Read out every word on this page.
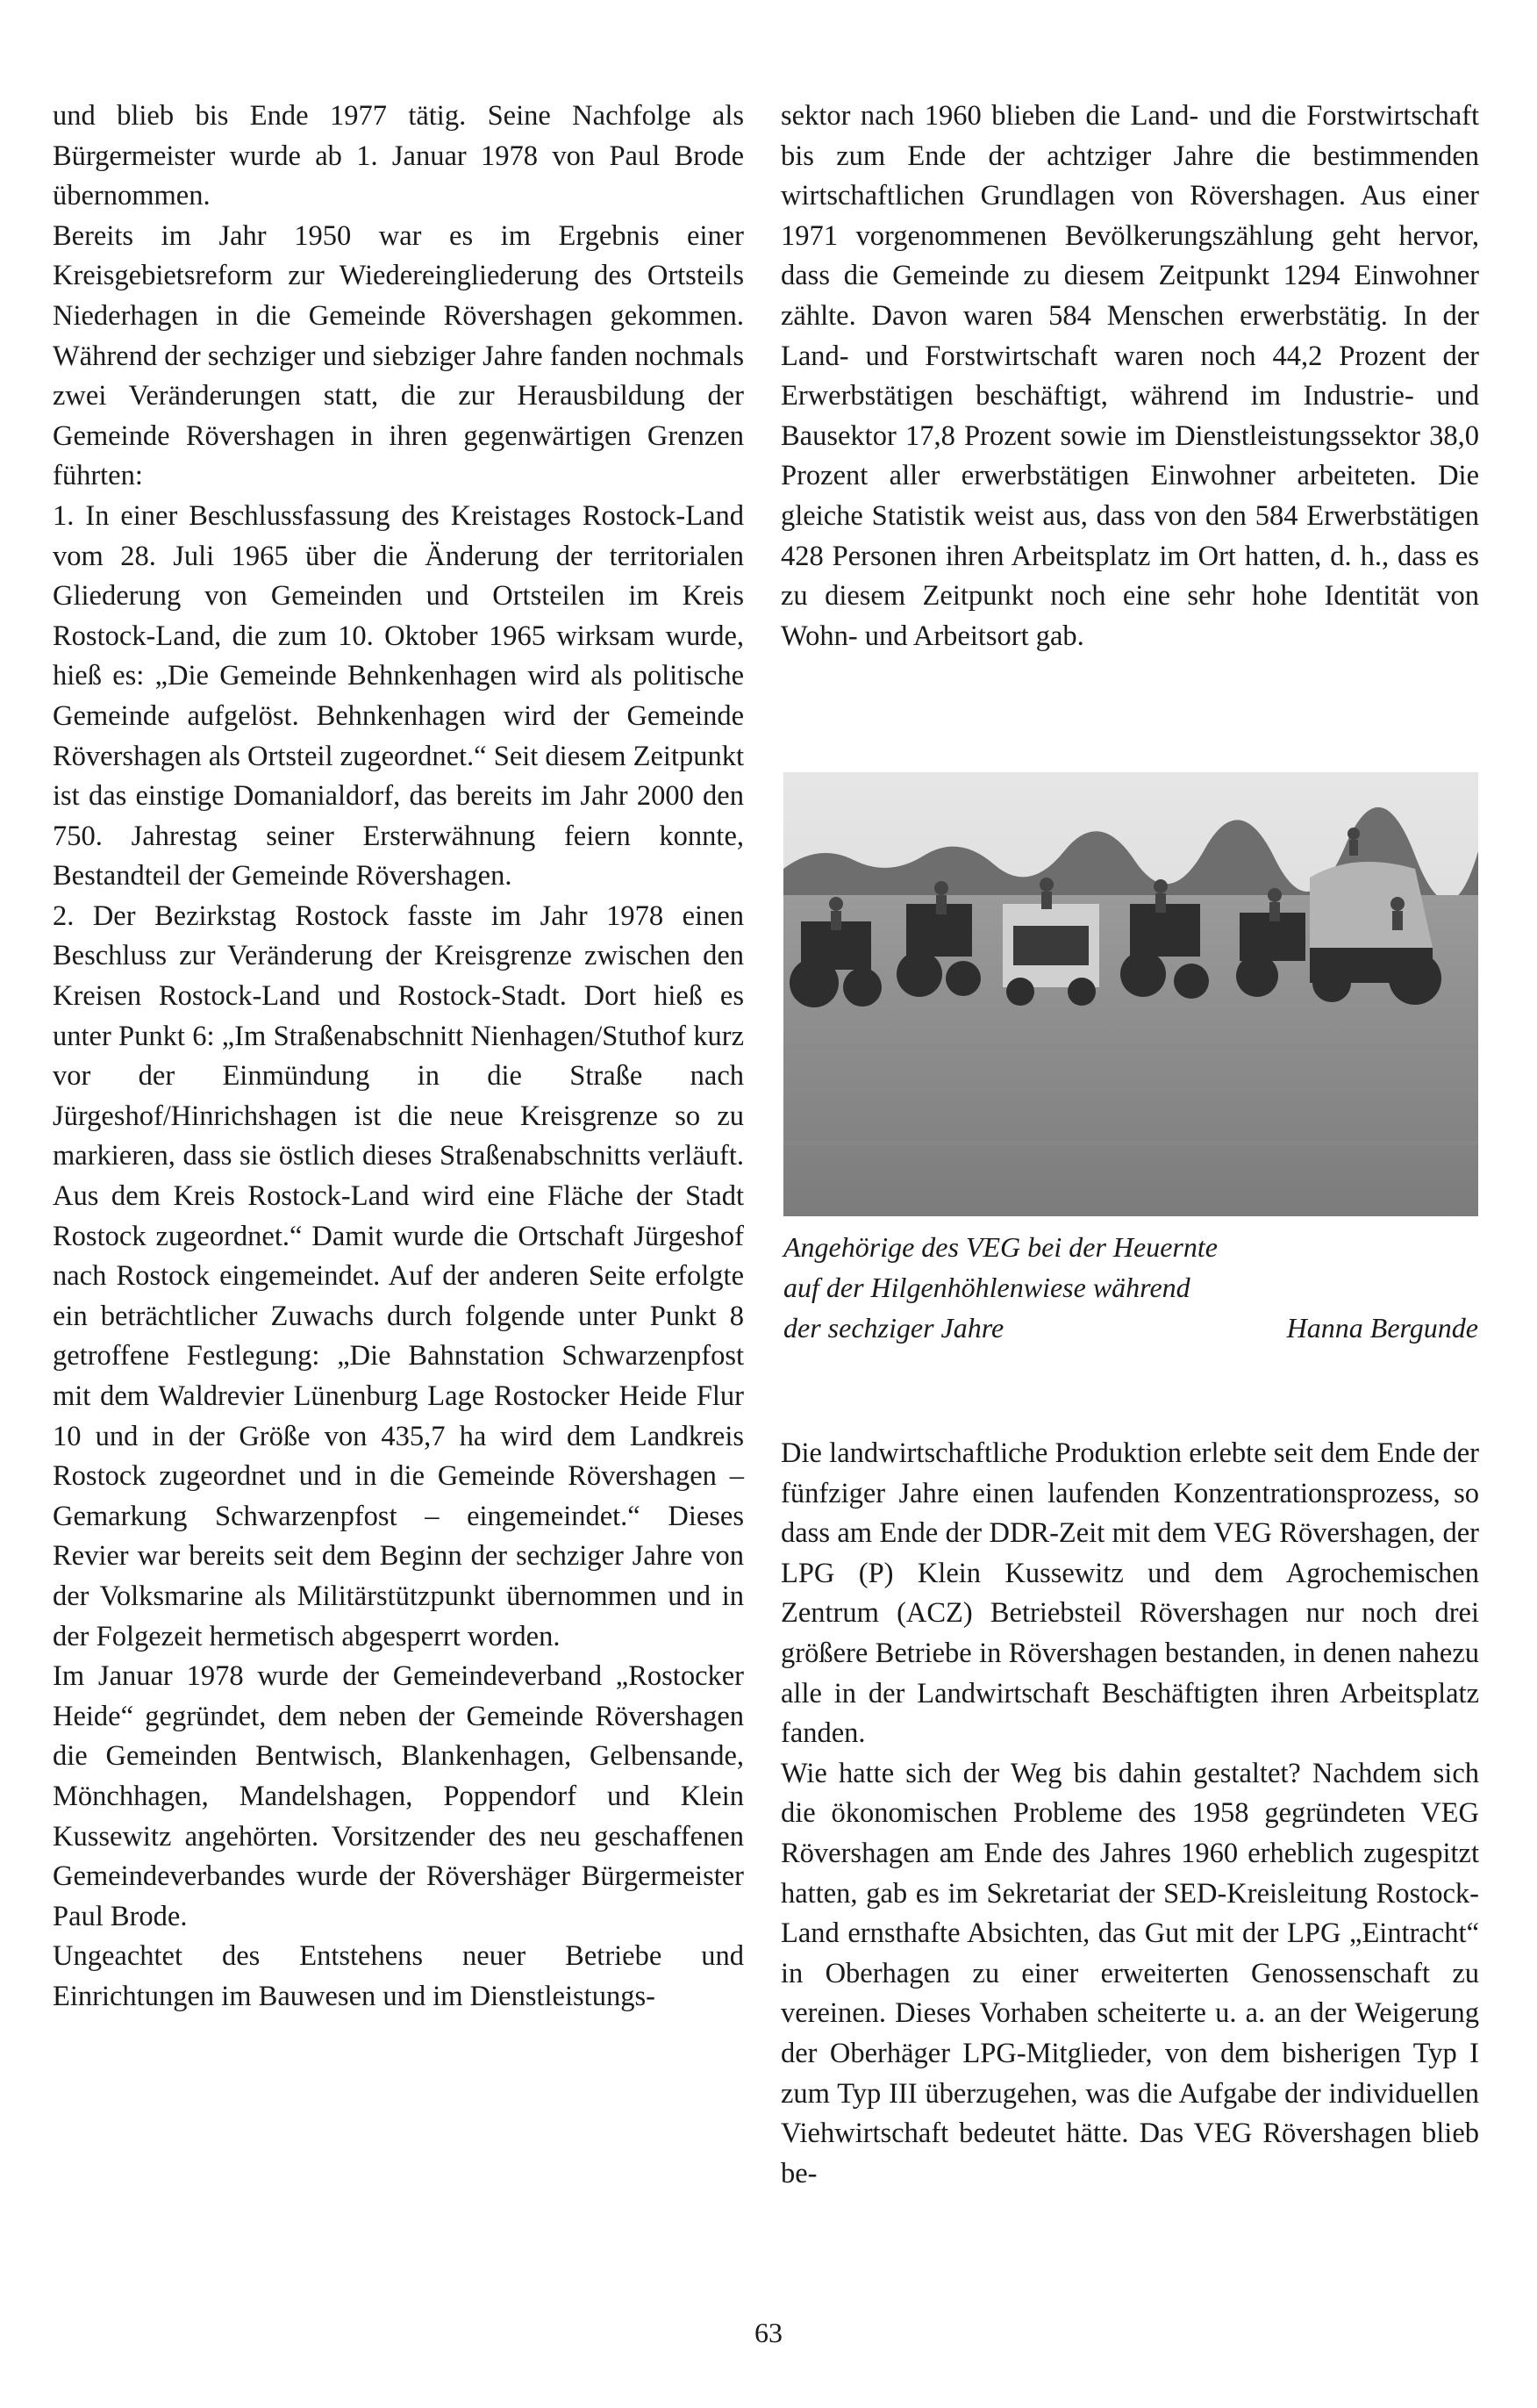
und blieb bis Ende 1977 tätig. Seine Nachfolge als Bürgermeister wurde ab 1. Januar 1978 von Paul Brode übernommen.

Bereits im Jahr 1950 war es im Ergebnis einer Kreisgebietsreform zur Wiedereingliederung des Ortsteils Niederhagen in die Gemeinde Rövershagen gekommen. Während der sechziger und siebziger Jahre fanden nochmals zwei Veränderungen statt, die zur Herausbildung der Gemeinde Rövershagen in ihren gegenwärtigen Grenzen führten:

1. In einer Beschlussfassung des Kreistages Rostock-Land vom 28. Juli 1965 über die Änderung der territorialen Gliederung von Gemeinden und Ortsteilen im Kreis Rostock-Land, die zum 10. Oktober 1965 wirksam wurde, hieß es: „Die Gemeinde Behnkenhagen wird als politische Gemeinde aufgelöst. Behnkenhagen wird der Gemeinde Rövershagen als Ortsteil zugeordnet.“ Seit diesem Zeitpunkt ist das einstige Domanialdorf, das bereits im Jahr 2000 den 750. Jahrestag seiner Ersterwähnung feiern konnte, Bestandteil der Gemeinde Rövershagen.

2. Der Bezirkstag Rostock fasste im Jahr 1978 einen Beschluss zur Veränderung der Kreisgrenze zwischen den Kreisen Rostock-Land und Rostock-Stadt. Dort hieß es unter Punkt 6: „Im Straßenabschnitt Nienhagen/Stuthof kurz vor der Einmündung in die Straße nach Jürgeshof/Hinrichshagen ist die neue Kreisgrenze so zu markieren, dass sie östlich dieses Straßenabschnitts verläuft. Aus dem Kreis Rostock-Land wird eine Fläche der Stadt Rostock zugeordnet.“ Damit wurde die Ortschaft Jürgeshof nach Rostock eingemeindet. Auf der anderen Seite erfolgte ein beträchtlicher Zuwachs durch folgende unter Punkt 8 getroffene Festlegung: „Die Bahnstation Schwarzenpfost mit dem Waldrevier Lünenburg Lage Rostocker Heide Flur 10 und in der Größe von 435,7 ha wird dem Landkreis Rostock zugeordnet und in die Gemeinde Rövershagen – Gemarkung Schwarzenpfost – eingemeindet.“ Dieses Revier war bereits seit dem Beginn der sechziger Jahre von der Volksmarine als Militärstützpunkt übernommen und in der Folgezeit hermetisch abgesperrt worden.

Im Januar 1978 wurde der Gemeindeverband „Rostocker Heide“ gegründet, dem neben der Gemeinde Rövershagen die Gemeinden Bentwisch, Blankenhagen, Gelbensande, Mönchhagen, Mandelshagen, Poppendorf und Klein Kussewitz angehörten. Vorsitzender des neu geschaffenen Gemeindeverbandes wurde der Rövershäger Bürgermeister Paul Brode.

Ungeachtet des Entstehens neuer Betriebe und Einrichtungen im Bauwesen und im Dienstleistungs-

sektor nach 1960 blieben die Land- und die Forstwirtschaft bis zum Ende der achtziger Jahre die bestimmenden wirtschaftlichen Grundlagen von Rövershagen. Aus einer 1971 vorgenommenen Bevölkerungszählung geht hervor, dass die Gemeinde zu diesem Zeitpunkt 1294 Einwohner zählte. Davon waren 584 Menschen erwerbstätig. In der Land- und Forstwirtschaft waren noch 44,2 Prozent der Erwerbstätigen beschäftigt, während im Industrie- und Bausektor 17,8 Prozent sowie im Dienstleistungssektor 38,0 Prozent aller erwerbstätigen Einwohner arbeiteten. Die gleiche Statistik weist aus, dass von den 584 Erwerbstätigen 428 Personen ihren Arbeitsplatz im Ort hatten, d. h., dass es zu diesem Zeitpunkt noch eine sehr hohe Identität von Wohn- und Arbeitsort gab.

Angehörige des VEG bei der Heuernte
auf der Hilgenhöhlenwiese während
der sechziger Jahre	Hanna Bergunde

Die landwirtschaftliche Produktion erlebte seit dem Ende der fünfziger Jahre einen laufenden Konzentrationsprozess, so dass am Ende der DDR-Zeit mit dem VEG Rövershagen, der LPG (P) Klein Kussewitz und dem Agrochemischen Zentrum (ACZ) Betriebsteil Rövershagen nur noch drei größere Betriebe in Rövershagen bestanden, in denen nahezu alle in der Landwirtschaft Beschäftigten ihren Arbeitsplatz fanden.

Wie hatte sich der Weg bis dahin gestaltet? Nachdem sich die ökonomischen Probleme des 1958 gegründeten VEG Rövershagen am Ende des Jahres 1960 erheblich zugespitzt hatten, gab es im Sekretariat der SED-Kreisleitung Rostock-Land ernsthafte Absichten, das Gut mit der LPG „Eintracht“ in Oberhagen zu einer erweiterten Genossenschaft zu vereinen. Dieses Vorhaben scheiterte u. a. an der Weigerung der Oberhäger LPG-Mitglieder, von dem bisherigen Typ I zum Typ III überzugehen, was die Aufgabe der individuellen Viehwirtschaft bedeutet hätte. Das VEG Rövershagen blieb be-

63
